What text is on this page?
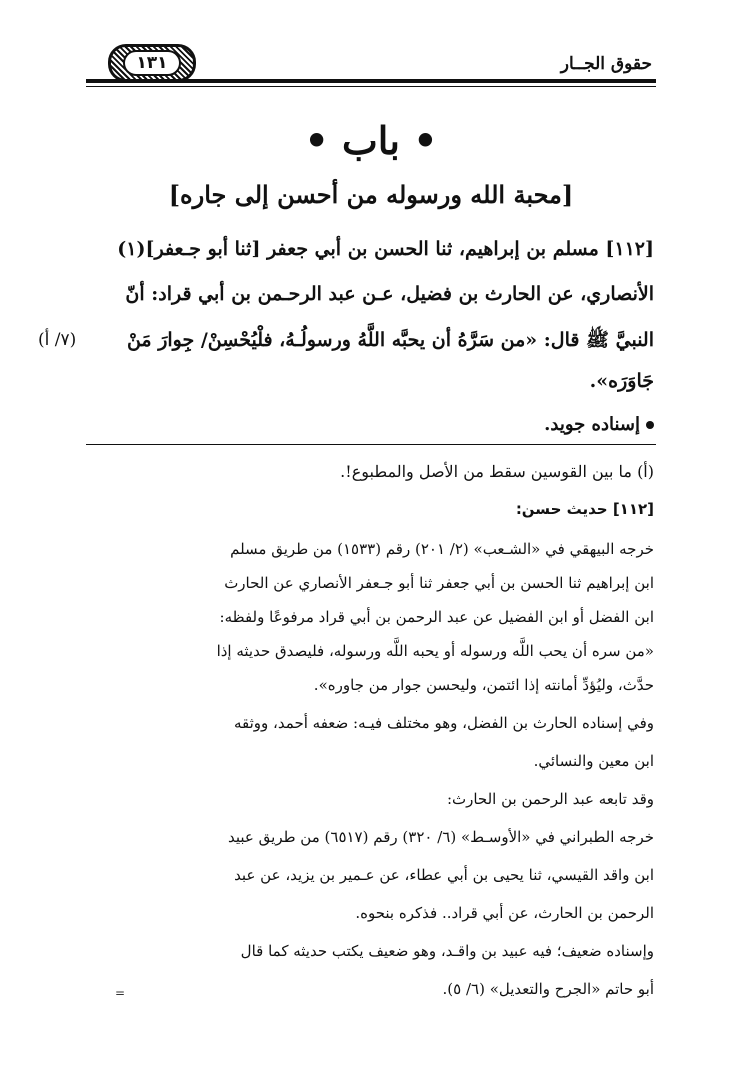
١٣١	حقوق الجــار
• باب •
[محبة الله ورسوله من أحسن إلى جاره]
[١١٢] مسلم بن إبراهيم، ثنا الحسن بن أبي جعفر [ثنا أبو جـعفر](١)
الأنصاري، عن الحارث بن فضيل، عـن عبد الرحـمن بن أبي قراد: أنّ
النبيَّ ﷺ قال: «من سَرَّهُ أن يحبَّه اللَّهُ ورسولُـهُ، فلْيُحْسِنْ/ جِوارَ مَنْ
جَاوَرَه».
(٧/ أ)
إسناده جويد.
(أ) ما بين القوسين سقط من الأصل والمطبوع!.
[١١٢] حديث حسن:
خرجه البيهقي في «الشـعب» (٢/ ٢٠١) رقم (١٥٣٣) من طريق مسلم
ابن إبراهيم ثنا الحسن بن أبي جعفر ثنا أبو جـعفر الأنصاري عن الحارث
ابن الفضل أو ابن الفضيل عن عبد الرحمن بن أبي قراد مرفوعًا ولفظه:
«من سره أن يحب اللَّه ورسوله أو يحبه اللَّه ورسوله، فليصدق حديثه إذا
حدَّث، وليُؤدِّ أمانته إذا ائتمن، وليحسن جوار من جاوره».
وفي إسناده الحارث بن الفضل، وهو مختلف فيـه: ضعفه أحمد، ووثقه
ابن معين والنسائي.
وقد تابعه عبد الرحمن بن الحارث:
خرجه الطبراني في «الأوسـط» (٦/ ٣٢٠) رقم (٦٥١٧) من طريق عبيد
ابن واقد القيسي، ثنا يحيى بن أبي عطاء، عن عـمير بن يزيد، عن عبد
الرحمن بن الحارث، عن أبي قراد.. فذكره بنحوه.
وإسناده ضعيف؛ فيه عبيد بن واقـد، وهو ضعيف يكتب حديثه كما قال
أبو حاتم «الجرح والتعديل» (٦/ ٥).
=
